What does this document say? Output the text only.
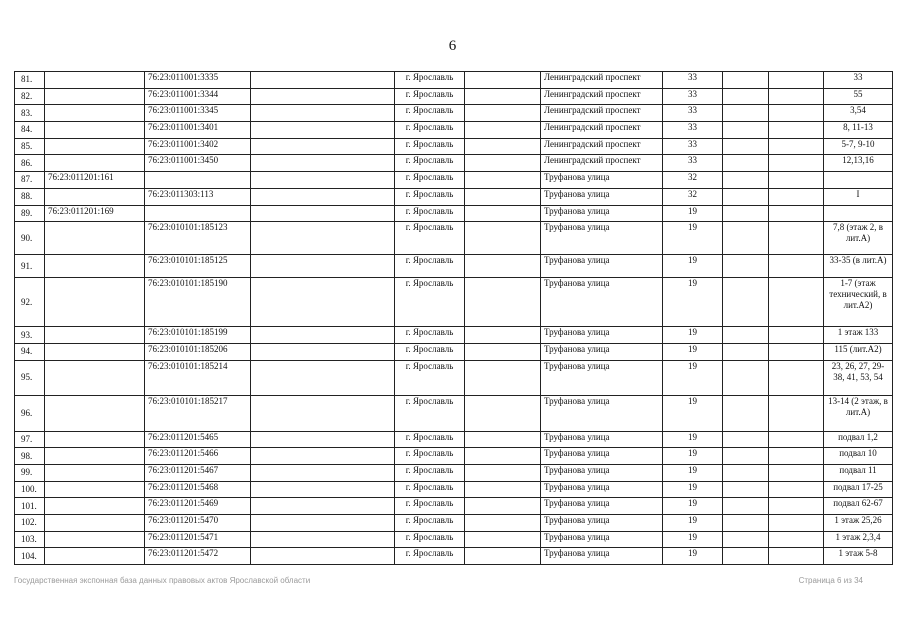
6
81.		76:23:011001:3335		г. Ярославль		Ленинградский проспект	33			33
82.		76:23:011001:3344		г. Ярославль		Ленинградский проспект	33			55
83.		76:23:011001:3345		г. Ярославль		Ленинградский проспект	33			3,54
84.		76:23:011001:3401		г. Ярославль		Ленинградский проспект	33			8, 11-13
85.		76:23:011001:3402		г. Ярославль		Ленинградский проспект	33			5-7, 9-10
86.		76:23:011001:3450		г. Ярославль		Ленинградский проспект	33			12,13,16
87.	76:23:011201:161			г. Ярославль		Труфанова улица	32			
88.		76:23:011303:113		г. Ярославль		Труфанова улица	32			I
89.	76:23:011201:169			г. Ярославль		Труфанова улица	19			
90.		76:23:010101:185123		г. Ярославль		Труфанова улица	19			7,8 (этаж 2, в лит.А)
91.		76:23:010101:185125		г. Ярославль		Труфанова улица	19			33-35 (в лит.А)
92.		76:23:010101:185190		г. Ярославль		Труфанова улица	19			1-7 (этаж технический, в лит.А2)
93.		76:23:010101:185199		г. Ярославль		Труфанова улица	19			1 этаж 133
94.		76:23:010101:185206		г. Ярославль		Труфанова улица	19			115 (лит.А2)
95.		76:23:010101:185214		г. Ярославль		Труфанова улица	19			23, 26, 27, 29-38, 41, 53, 54
96.		76:23:010101:185217		г. Ярославль		Труфанова улица	19			13-14 (2 этаж, в лит.А)
97.		76:23:011201:5465		г. Ярославль		Труфанова улица	19			подвал 1,2
98.		76:23:011201:5466		г. Ярославль		Труфанова улица	19			подвал 10
99.		76:23:011201:5467		г. Ярославль		Труфанова улица	19			подвал 11
100.		76:23:011201:5468		г. Ярославль		Труфанова улица	19			подвал 17-25
101.		76:23:011201:5469		г. Ярославль		Труфанова улица	19			подвал 62-67
102.		76:23:011201:5470		г. Ярославль		Труфанова улица	19			1 этаж 25,26
103.		76:23:011201:5471		г. Ярославль		Труфанова улица	19			1 этаж 2,3,4
104.		76:23:011201:5472		г. Ярославль		Труфанова улица	19			1 этаж 5-8
Государственная экспонная база данных правовых актов Ярославской области	Страница 6 из 34
